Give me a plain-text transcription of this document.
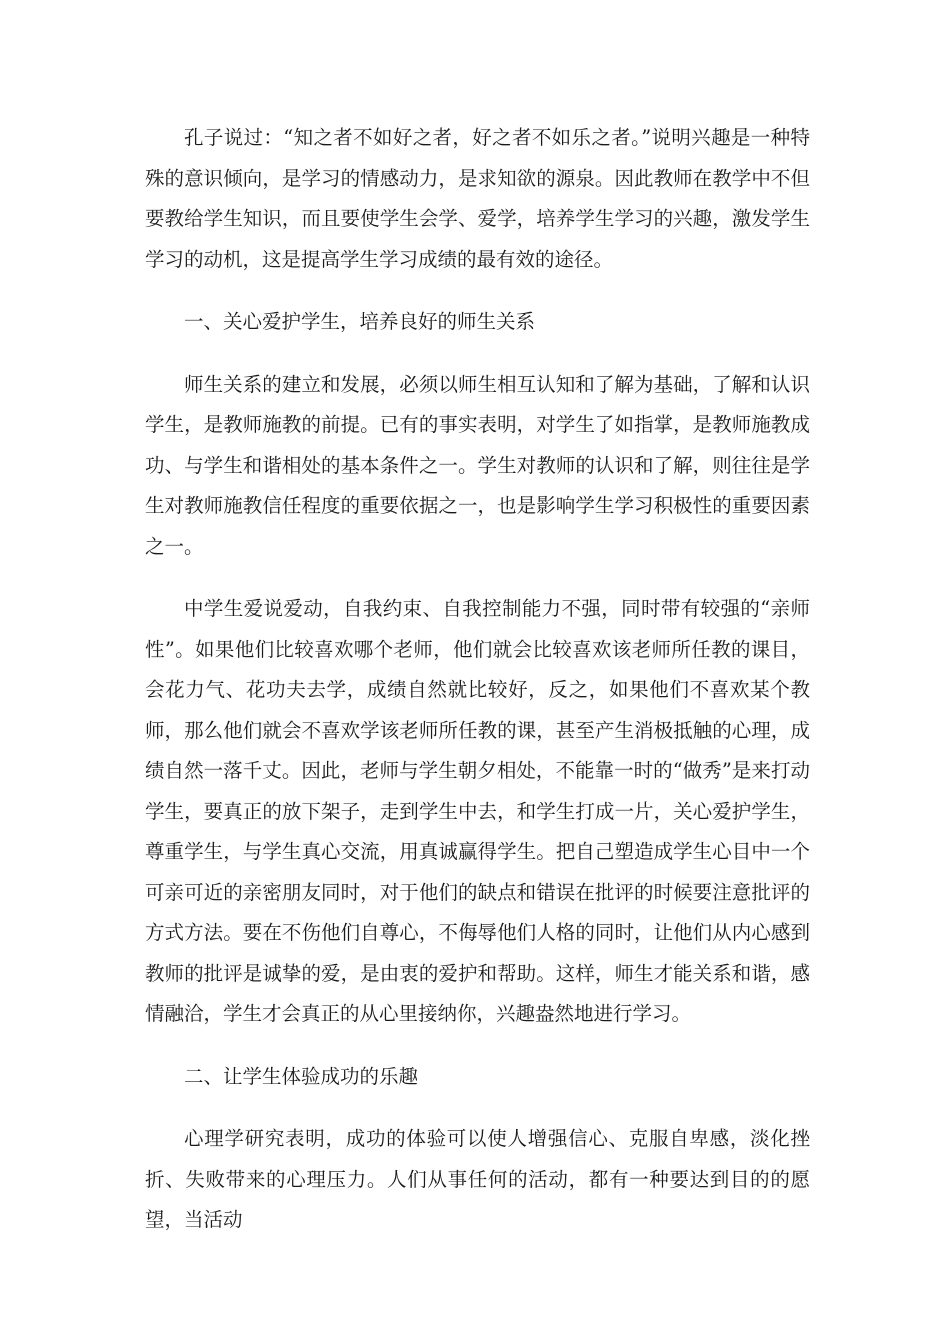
孔子说过：“知之者不如好之者，好之者不如乐之者。”说明兴趣是一种特殊的意识倾向，是学习的情感动力，是求知欲的源泉。因此教师在教学中不但要教给学生知识，而且要使学生会学、爱学，培养学生学习的兴趣，激发学生学习的动机，这是提高学生学习成绩的最有效的途径。

一、关心爱护学生，培养良好的师生关系

师生关系的建立和发展，必须以师生相互认知和了解为基础，了解和认识学生，是教师施教的前提。已有的事实表明，对学生了如指掌，是教师施教成功、与学生和谐相处的基本条件之一。学生对教师的认识和了解，则往往是学生对教师施教信任程度的重要依据之一，也是影响学生学习积极性的重要因素之一。

中学生爱说爱动，自我约束、自我控制能力不强，同时带有较强的“亲师性”。如果他们比较喜欢哪个老师，他们就会比较喜欢该老师所任教的课目，会花力气、花功夫去学，成绩自然就比较好，反之，如果他们不喜欢某个教师，那么他们就会不喜欢学该老师所任教的课，甚至产生消极抵触的心理，成绩自然一落千丈。因此，老师与学生朝夕相处，不能靠一时的“做秀”是来打动学生，要真正的放下架子，走到学生中去，和学生打成一片，关心爱护学生，尊重学生，与学生真心交流，用真诚赢得学生。把自己塑造成学生心目中一个可亲可近的亲密朋友同时，对于他们的缺点和错误在批评的时候要注意批评的方式方法。要在不伤他们自尊心，不侮辱他们人格的同时，让他们从内心感到教师的批评是诚挚的爱，是由衷的爱护和帮助。这样，师生才能关系和谐，感情融洽，学生才会真正的从心里接纳你，兴趣盎然地进行学习。

二、让学生体验成功的乐趣

心理学研究表明，成功的体验可以使人增强信心、克服自卑感，淡化挫折、失败带来的心理压力。人们从事任何的活动，都有一种要达到目的的愿望，当活动
